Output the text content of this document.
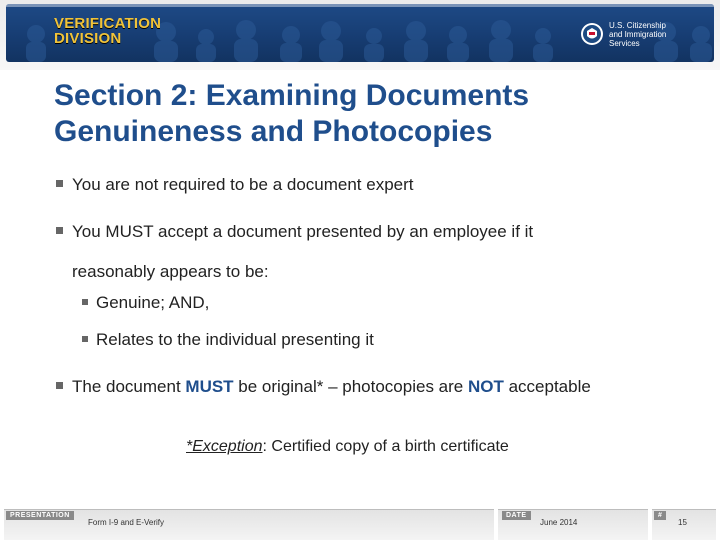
VERIFICATION
DIVISION
U.S. Citizenship
and Immigration
Services
Section 2: Examining Documents
Genuineness and Photocopies
You are not required to be a document expert
You MUST accept a document presented by an employee if it
reasonably appears to be:
Genuine; AND,
Relates to the individual presenting it
The document MUST be original* – photocopies are NOT acceptable
*Exception: Certified copy of a birth certificate
PRESENTATION	DATE	#
Form I-9 and E-Verify	June 2014	15
